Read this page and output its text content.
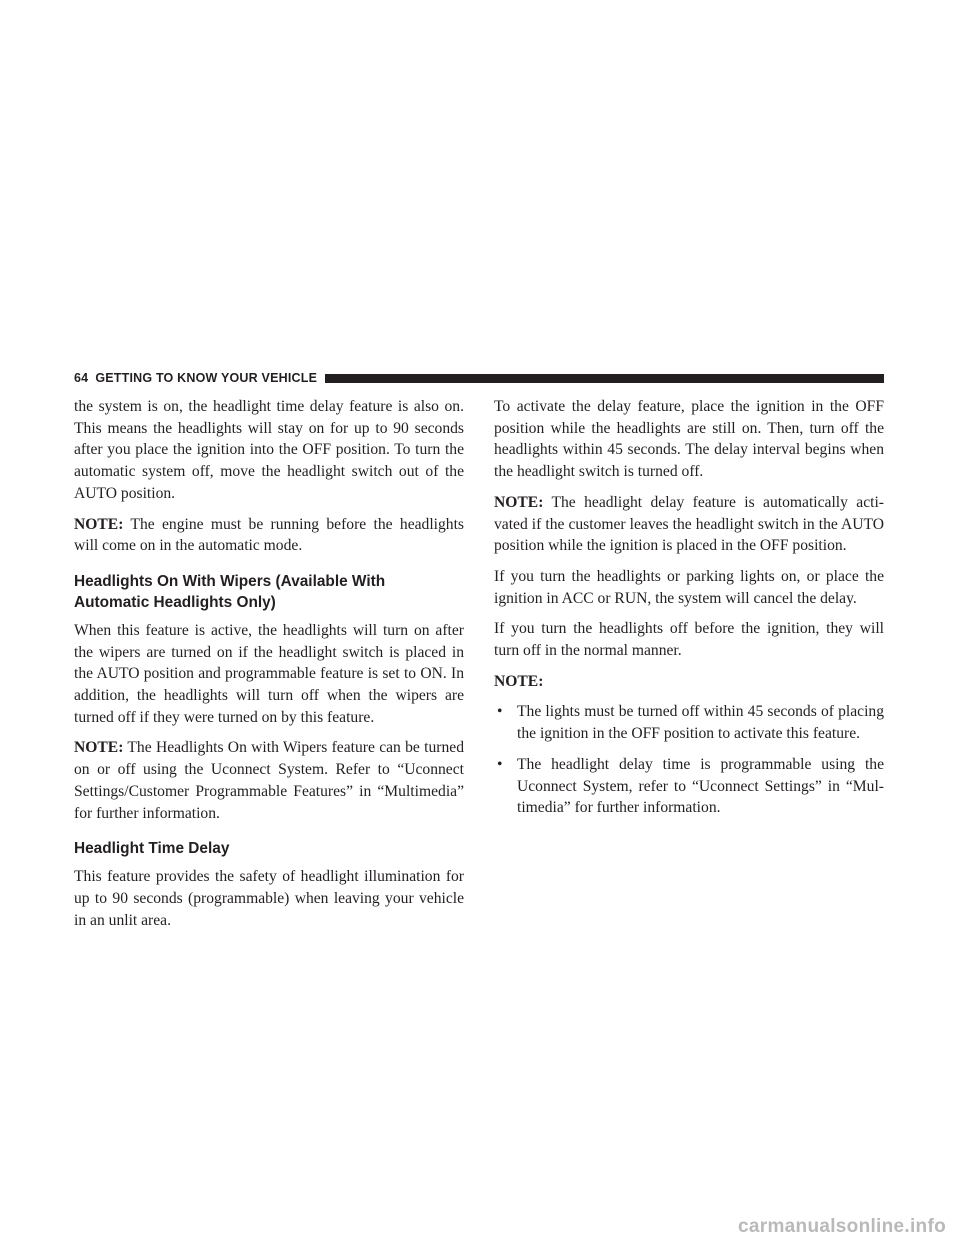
64 GETTING TO KNOW YOUR VEHICLE

the system is on, the headlight time delay feature is also on. This means the headlights will stay on for up to 90 seconds after you place the ignition into the OFF position. To turn the automatic system off, move the headlight switch out of the AUTO position.

NOTE: The engine must be running before the headlights will come on in the automatic mode.

Headlights On With Wipers (Available With Automatic Headlights Only)

When this feature is active, the headlights will turn on after the wipers are turned on if the headlight switch is placed in the AUTO position and programmable feature is set to ON. In addition, the headlights will turn off when the wipers are turned off if they were turned on by this feature.

NOTE: The Headlights On with Wipers feature can be turned on or off using the Uconnect System. Refer to “Uconnect Settings/Customer Programmable Features” in “Multimedia” for further information.

Headlight Time Delay

This feature provides the safety of headlight illumination for up to 90 seconds (programmable) when leaving your vehicle in an unlit area.

To activate the delay feature, place the ignition in the OFF position while the headlights are still on. Then, turn off the headlights within 45 seconds. The delay interval begins when the headlight switch is turned off.

NOTE: The headlight delay feature is automatically acti-vated if the customer leaves the headlight switch in the AUTO position while the ignition is placed in the OFF position.

If you turn the headlights or parking lights on, or place the ignition in ACC or RUN, the system will cancel the delay.

If you turn the headlights off before the ignition, they will turn off in the normal manner.

NOTE:

• The lights must be turned off within 45 seconds of placing the ignition in the OFF position to activate this feature.
• The headlight delay time is programmable using the Uconnect System, refer to “Uconnect Settings” in “Mul-timedia” for further information.
carmanualsonline.info
